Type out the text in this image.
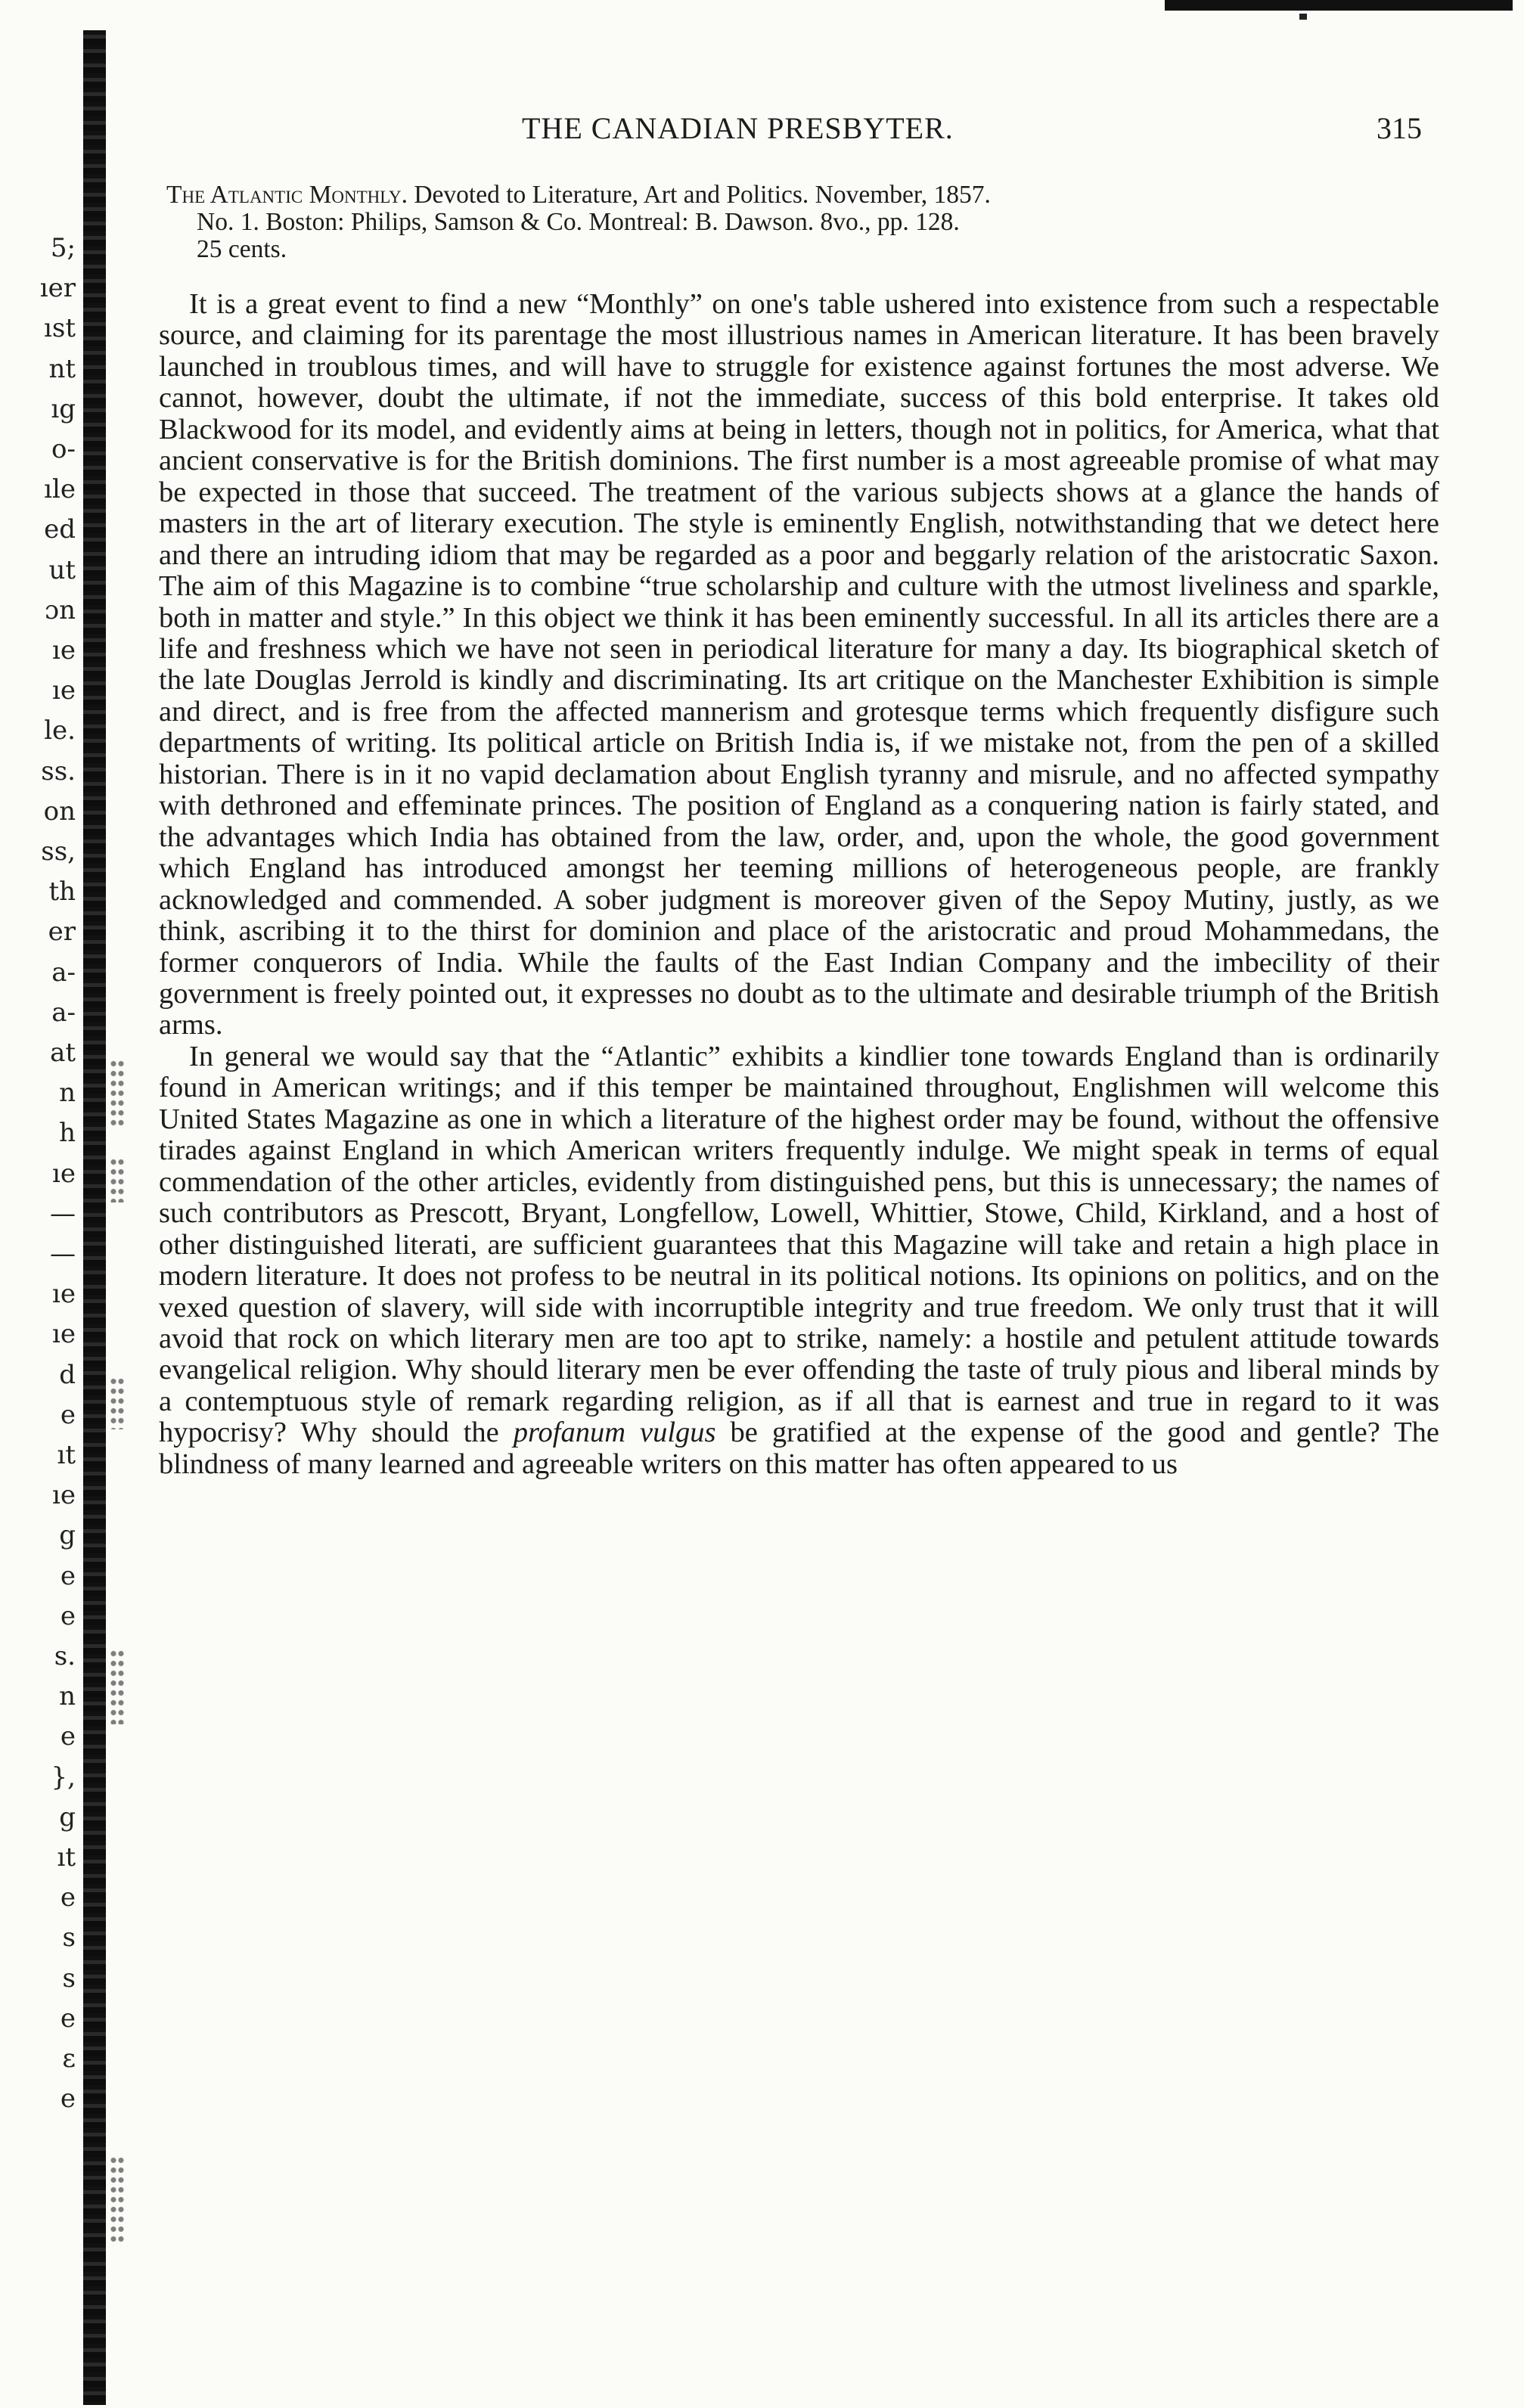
5;
ıer
ıst
nt
ıg
o-
ıle
ed
ut
ɔn
ıe
ıe
le.
ss.
on
ss,
th
er
a-
a-
at
n
h
ıe
—
—
ıe
ıe
d
e
ıt
ıe
g
e
e
s.
n
e
},
g
ıt
e
s
s
e
ɛ
e
THE CANADIAN PRESBYTER.	315
The Atlantic Monthly. Devoted to Literature, Art and Politics. November, 1857.
No. 1. Boston: Philips, Samson & Co. Montreal: B. Dawson. 8vo., pp. 128.
25 cents.

It is a great event to find a new “Monthly” on one's table ushered into existence from such a respectable source, and claiming for its parentage the most illustrious names in American literature. It has been bravely launched in troublous times, and will have to struggle for existence against fortunes the most adverse. We cannot, however, doubt the ultimate, if not the immediate, success of this bold enterprise. It takes old Blackwood for its model, and evidently aims at being in letters, though not in politics, for America, what that ancient conservative is for the British dominions. The first number is a most agreeable promise of what may be expected in those that succeed. The treatment of the various subjects shows at a glance the hands of masters in the art of literary execution. The style is eminently English, notwithstanding that we detect here and there an intruding idiom that may be regarded as a poor and beggarly relation of the aristocratic Saxon. The aim of this Magazine is to combine “true scholarship and culture with the utmost liveliness and sparkle, both in matter and style.” In this object we think it has been eminently successful. In all its articles there are a life and freshness which we have not seen in periodical literature for many a day. Its biographical sketch of the late Douglas Jerrold is kindly and discriminating. Its art critique on the Manchester Exhibition is simple and direct, and is free from the affected mannerism and grotesque terms which frequently disfigure such departments of writing. Its political article on British India is, if we mistake not, from the pen of a skilled historian. There is in it no vapid declamation about English tyranny and misrule, and no affected sympathy with dethroned and effeminate princes. The position of England as a conquering nation is fairly stated, and the advantages which India has obtained from the law, order, and, upon the whole, the good government which England has introduced amongst her teeming millions of heterogeneous people, are frankly acknowledged and commended. A sober judgment is moreover given of the Sepoy Mutiny, justly, as we think, ascribing it to the thirst for dominion and place of the aristocratic and proud Mohammedans, the former conquerors of India. While the faults of the East Indian Company and the imbecility of their government is freely pointed out, it expresses no doubt as to the ultimate and desirable triumph of the British arms.

In general we would say that the “Atlantic” exhibits a kindlier tone towards England than is ordinarily found in American writings; and if this temper be maintained throughout, Englishmen will welcome this United States Magazine as one in which a literature of the highest order may be found, without the offensive tirades against England in which American writers frequently indulge. We might speak in terms of equal commendation of the other articles, evidently from distinguished pens, but this is unnecessary; the names of such contributors as Prescott, Bryant, Longfellow, Lowell, Whittier, Stowe, Child, Kirkland, and a host of other distinguished literati, are sufficient guarantees that this Magazine will take and retain a high place in modern literature. It does not profess to be neutral in its political notions. Its opinions on politics, and on the vexed question of slavery, will side with incorruptible integrity and true freedom. We only trust that it will avoid that rock on which literary men are too apt to strike, namely: a hostile and petulent attitude towards evangelical religion. Why should literary men be ever offending the taste of truly pious and liberal minds by a contemptuous style of remark regarding religion, as if all that is earnest and true in regard to it was hypocrisy? Why should the profanum vulgus be gratified at the expense of the good and gentle? The blindness of many learned and agreeable writers on this matter has often appeared to us
